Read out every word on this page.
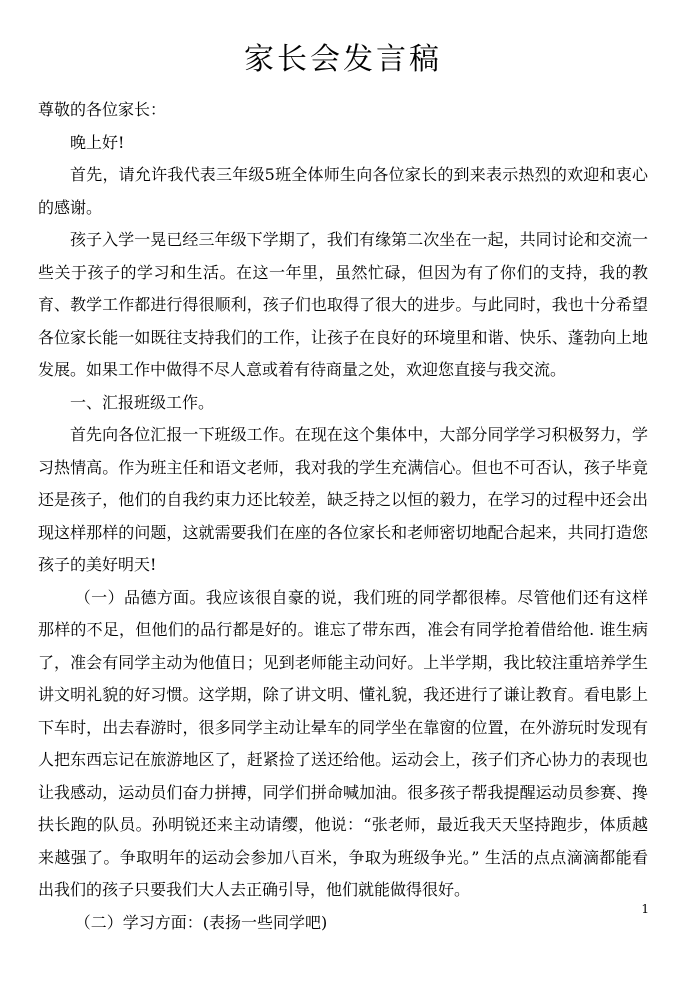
家长会发言稿

尊敬的各位家长：

晚上好!

首先，请允许我代表三年级5班全体师生向各位家长的到来表示热烈的欢迎和衷心的感谢。

孩子入学一晃已经三年级下学期了，我们有缘第二次坐在一起，共同讨论和交流一些关于孩子的学习和生活。在这一年里，虽然忙碌，但因为有了你们的支持，我的教育、教学工作都进行得很顺利，孩子们也取得了很大的进步。与此同时，我也十分希望各位家长能一如既往支持我们的工作，让孩子在良好的环境里和谐、快乐、蓬勃向上地发展。如果工作中做得不尽人意或着有待商量之处，欢迎您直接与我交流。

一、汇报班级工作。

首先向各位汇报一下班级工作。在现在这个集体中，大部分同学学习积极努力，学习热情高。作为班主任和语文老师，我对我的学生充满信心。但也不可否认，孩子毕竟还是孩子，他们的自我约束力还比较差，缺乏持之以恒的毅力，在学习的过程中还会出现这样那样的问题，这就需要我们在座的各位家长和老师密切地配合起来，共同打造您孩子的美好明天!

（一）品德方面。我应该很自豪的说，我们班的同学都很棒。尽管他们还有这样那样的不足，但他们的品行都是好的。谁忘了带东西，准会有同学抢着借给他. 谁生病了，准会有同学主动为他值日；见到老师能主动问好。上半学期，我比较注重培养学生讲文明礼貌的好习惯。这学期，除了讲文明、懂礼貌，我还进行了谦让教育。看电影上下车时，出去春游时，很多同学主动让晕车的同学坐在靠窗的位置，在外游玩时发现有人把东西忘记在旅游地区了，赶紧捡了送还给他。运动会上，孩子们齐心协力的表现也让我感动，运动员们奋力拼搏，同学们拼命喊加油。很多孩子帮我提醒运动员参赛、搀扶长跑的队员。孙明锐还来主动请缨，他说：“张老师，最近我天天坚持跑步，体质越来越强了。争取明年的运动会参加八百米，争取为班级争光。” 生活的点点滴滴都能看出我们的孩子只要我们大人去正确引导，他们就能做得很好。

（二）学习方面：(表扬一些同学吧)

1
